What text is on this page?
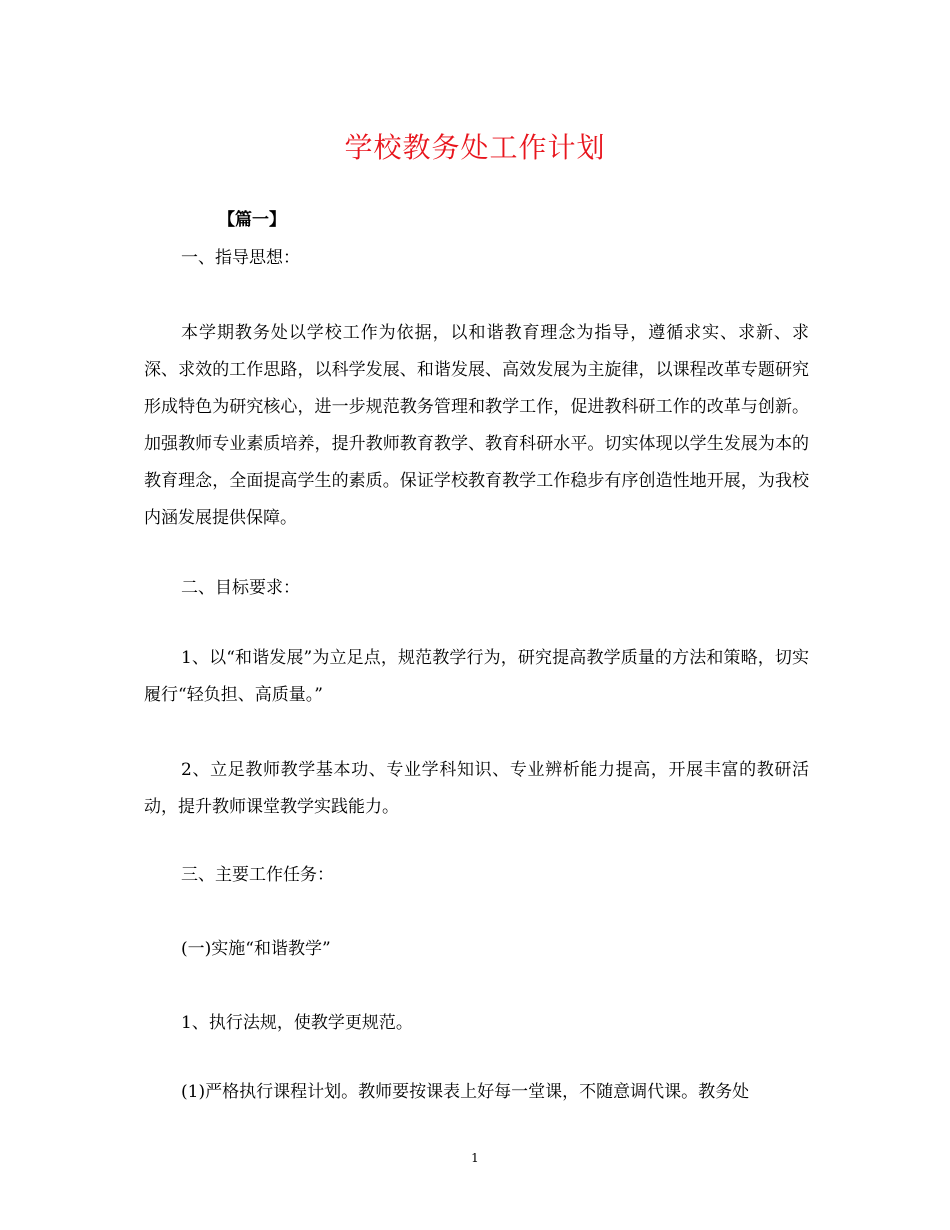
学校教务处工作计划
【篇一】
一、指导思想：

本学期教务处以学校工作为依据，以和谐教育理念为指导，遵循求实、求新、求深、求效的工作思路，以科学发展、和谐发展、高效发展为主旋律，以课程改革专题研究形成特色为研究核心，进一步规范教务管理和教学工作，促进教科研工作的改革与创新。加强教师专业素质培养，提升教师教育教学、教育科研水平。切实体现以学生发展为本的教育理念，全面提高学生的素质。保证学校教育教学工作稳步有序创造性地开展，为我校内涵发展提供保障。

二、目标要求：

1、以“和谐发展”为立足点，规范教学行为，研究提高教学质量的方法和策略，切实履行“轻负担、高质量。”

2、立足教师教学基本功、专业学科知识、专业辨析能力提高，开展丰富的教研活动，提升教师课堂教学实践能力。

三、主要工作任务：
(一)实施“和谐教学”
1、执行法规，使教学更规范。

(1)严格执行课程计划。教师要按课表上好每一堂课，不随意调代课。教务处

1
